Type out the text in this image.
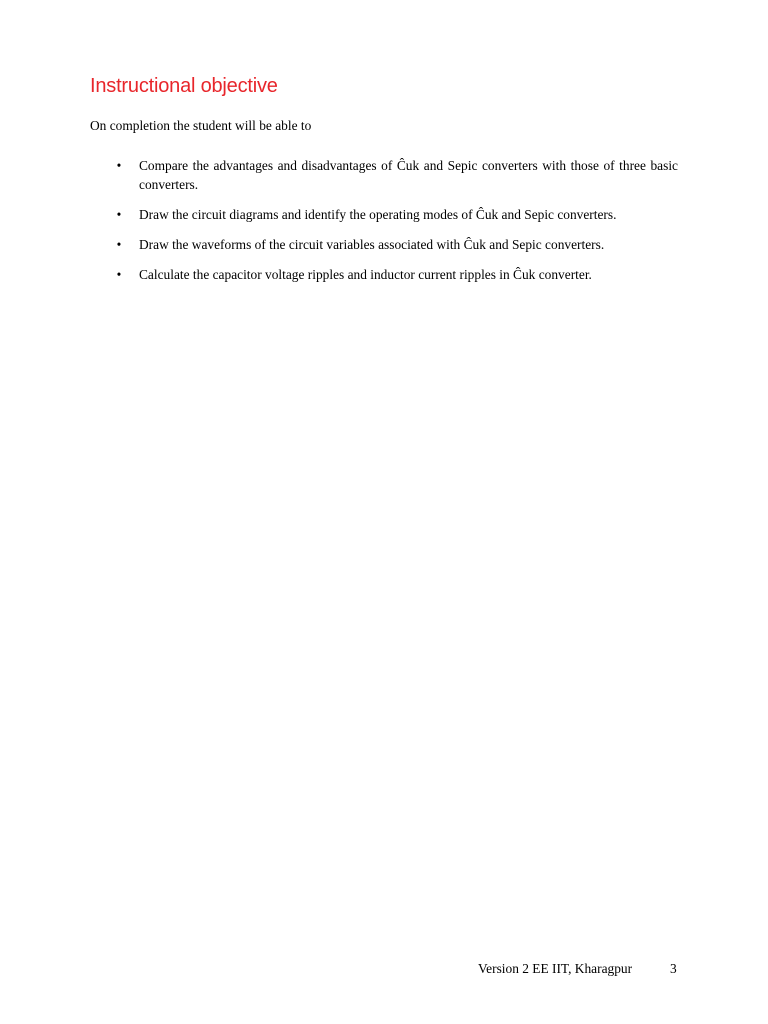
Instructional objective

On completion the student will be able to

• Compare the advantages and disadvantages of Ĉuk and Sepic converters with those of three basic converters.
• Draw the circuit diagrams and identify the operating modes of Ĉuk and Sepic converters.
• Draw the waveforms of the circuit variables associated with Ĉuk and Sepic converters.
• Calculate the capacitor voltage ripples and inductor current ripples in Ĉuk converter.
Version 2 EE IIT, Kharagpur	3
